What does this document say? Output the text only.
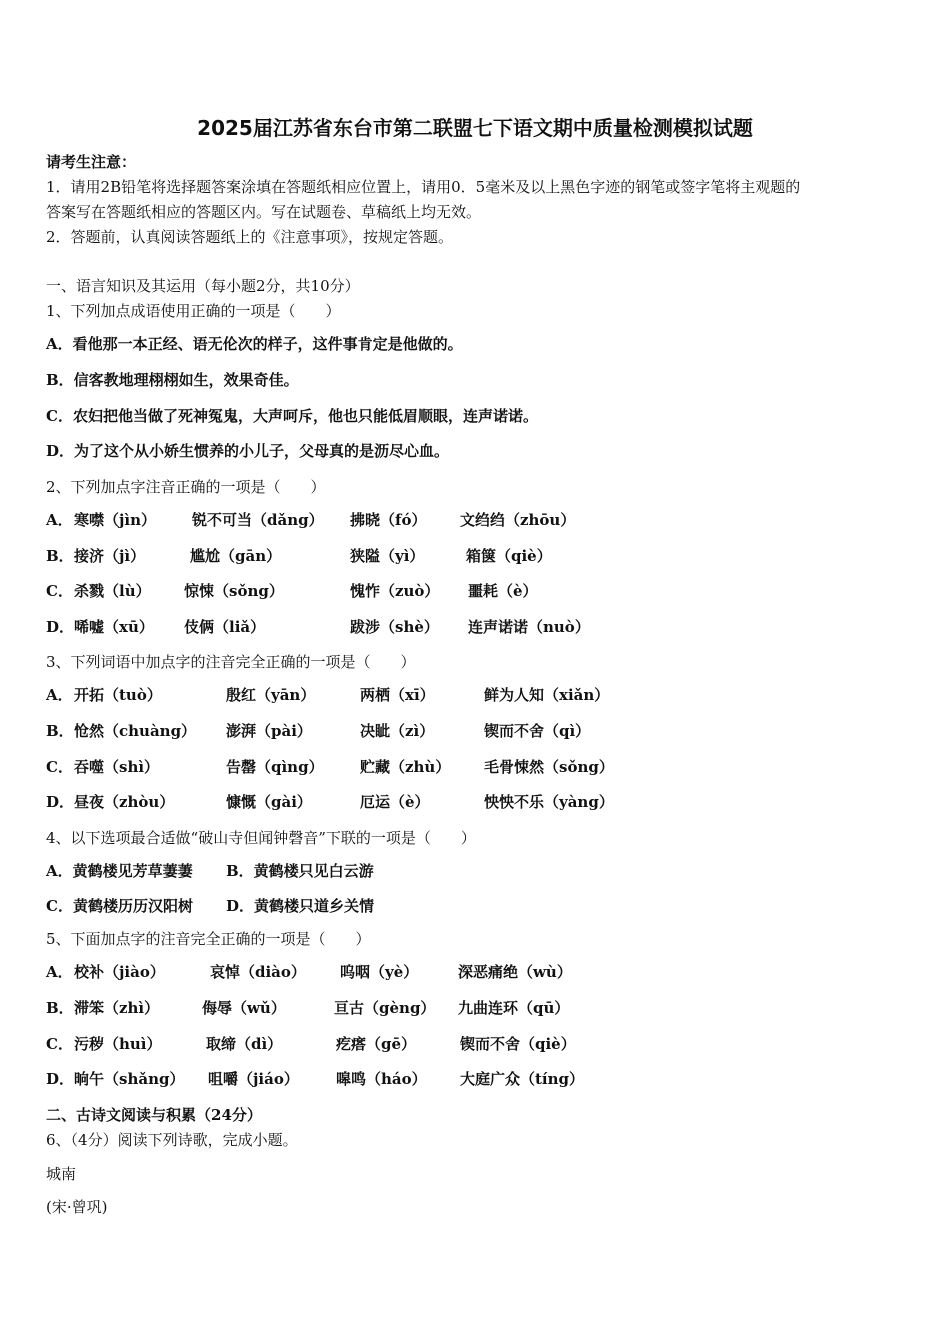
2025届江苏省东台市第二联盟七下语文期中质量检测模拟试题
请考生注意：
1．请用2B铅笔将选择题答案涂填在答题纸相应位置上，请用0．5毫米及以上黑色字迹的钢笔或签字笔将主观题的
答案写在答题纸相应的答题区内。写在试题卷、草稿纸上均无效。
2．答题前，认真阅读答题纸上的《注意事项》，按规定答题。
一、语言知识及其运用（每小题2分，共10分）
1、下列加点成语使用正确的一项是（　　）
A．看他那一本正经、语无伦次的样子，这件事肯定是他做的。
B．信客教地理栩栩如生，效果奇佳。
C．农妇把他当做了死神冤鬼，大声呵斥，他也只能低眉顺眼，连声诺诺。
D．为了这个从小娇生惯养的小儿子，父母真的是沥尽心血。
2、下列加点字注音正确的一项是（　　）
A． 寒噤（jìn） 锐不可当（dǎng） 拂晓（fó） 文绉绉（zhōu）
B． 接济（jì）	尴尬（gān）	狭隘（yì）	箱箧（qiè）
C． 杀戮（lù） 惊悚（sǒng）	愧怍（zuò） 噩耗（è）
D． 唏嘘（xū） 伎俩（liǎ）	跋涉（shè） 连声诺诺（nuò）
3、下列词语中加点字的注音完全正确的一项是（　　）
A． 开拓（tuò）	殷红（yān）	两栖（xī）	鲜为人知（xiǎn）
B． 怆然（chuàng） 澎湃（pài）	决眦（zì）	锲而不舍（qì）
C． 吞噬（shì）	告罄（qìng） 贮藏（zhù） 毛骨悚然（sǒng）
D． 昼夜（zhòu）	慷慨（gài）	厄运（è）	怏怏不乐（yàng）
4、以下选项最合适做“破山寺但闻钟磬音”下联的一项是（　　）
A．黄鹤楼见芳草萋萋 B．黄鹤楼只见白云游
C．黄鹤楼历历汉阳树 D．黄鹤楼只道乡关情
5、下面加点字的注音完全正确的一项是（　　）
A． 校补（jiào）	哀悼（diào） 呜咽（yè）	深恶痛绝（wù）
B． 滞笨（zhì）	侮辱（wǔ）	亘古（gèng） 九曲连环（qū）
C． 污秽（huì）	取缔（dì）	疙瘩（gē）	锲而不舍（qiè）
D． 晌午（shǎng） 咀嚼（jiáo） 嗥鸣（háo） 大庭广众（tíng）
二、古诗文阅读与积累（24分）
6、（4分）阅读下列诗歌，完成小题。
城南
(宋·曾巩)
